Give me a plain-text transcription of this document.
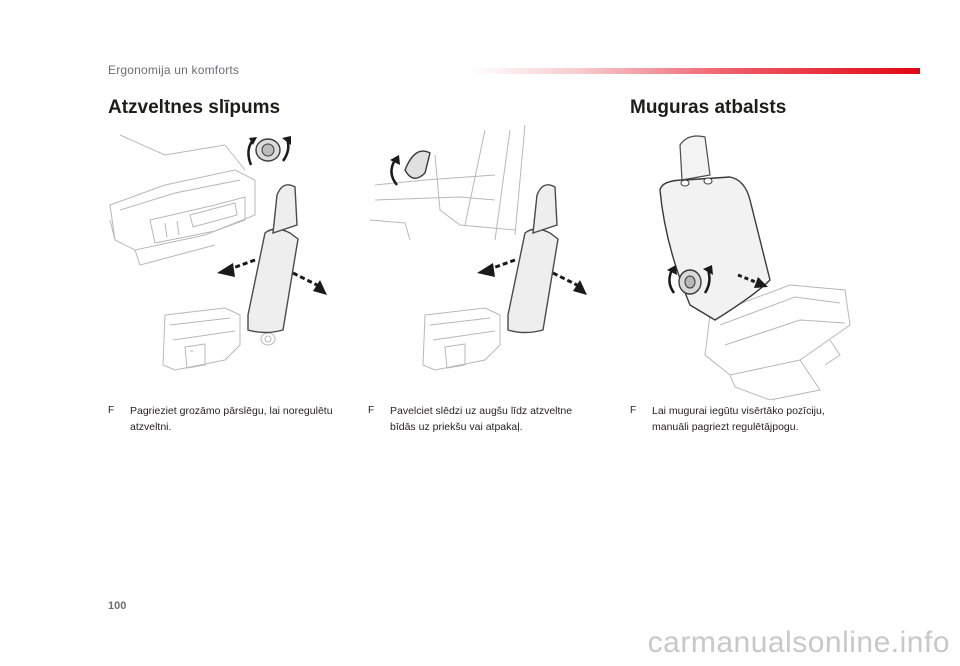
Ergonomija un komforts
Atzveltnes slīpums	Muguras atbalsts
F	Pagrieziet grozāmo pārslēgu, lai noregulētu atzveltni.
F	Pavelciet slēdzi uz augšu līdz atzveltne bīdās uz priekšu vai atpakaļ.
F	Lai mugurai iegūtu visērtāko pozīciju, manuāli pagriezt regulētājpogu.
100
carmanualsonline.info
